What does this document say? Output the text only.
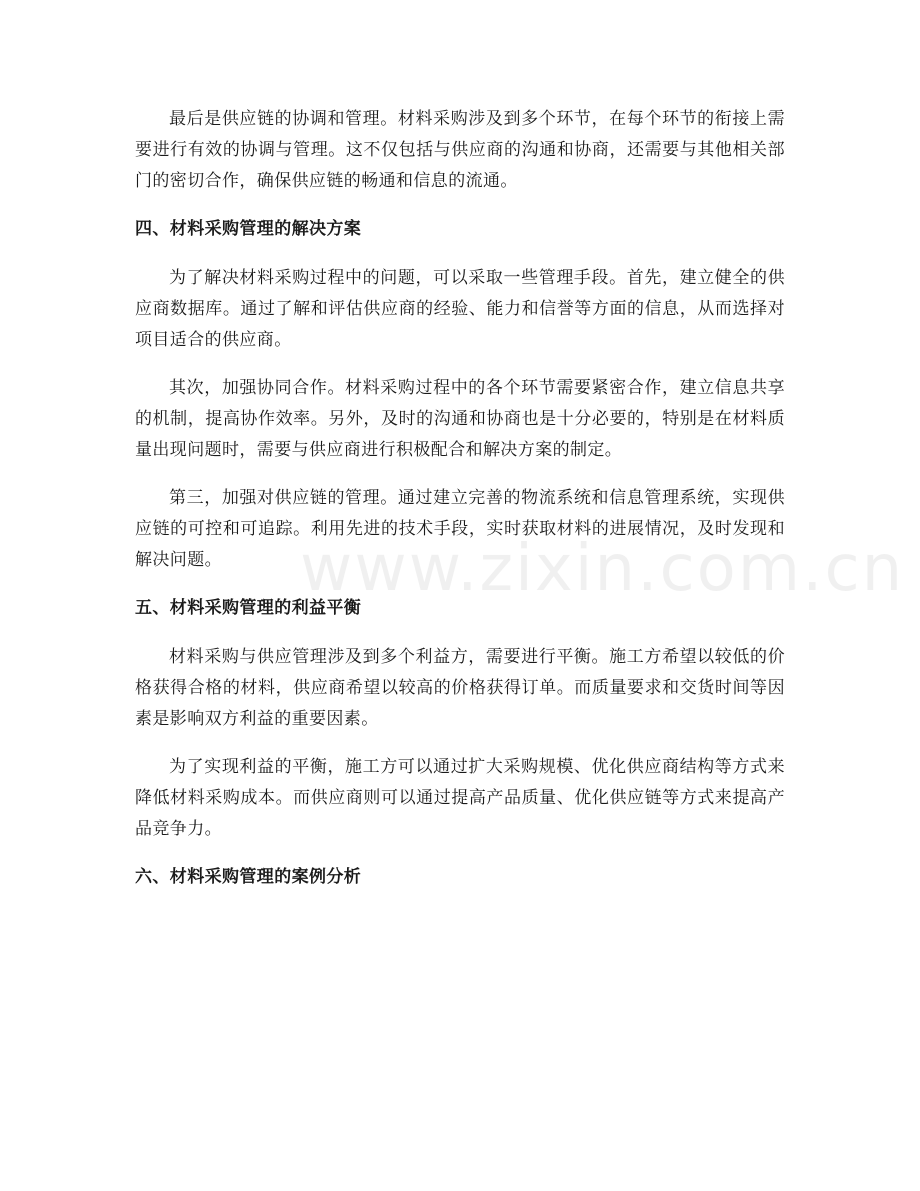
www.zixin.com.cn

最后是供应链的协调和管理。材料采购涉及到多个环节，在每个环节的衔接上需要进行有效的协调与管理。这不仅包括与供应商的沟通和协商，还需要与其他相关部门的密切合作，确保供应链的畅通和信息的流通。

四、材料采购管理的解决方案

为了解决材料采购过程中的问题，可以采取一些管理手段。首先，建立健全的供应商数据库。通过了解和评估供应商的经验、能力和信誉等方面的信息，从而选择对项目适合的供应商。

其次，加强协同合作。材料采购过程中的各个环节需要紧密合作，建立信息共享的机制，提高协作效率。另外，及时的沟通和协商也是十分必要的，特别是在材料质量出现问题时，需要与供应商进行积极配合和解决方案的制定。

第三，加强对供应链的管理。通过建立完善的物流系统和信息管理系统，实现供应链的可控和可追踪。利用先进的技术手段，实时获取材料的进展情况，及时发现和解决问题。

五、材料采购管理的利益平衡

材料采购与供应管理涉及到多个利益方，需要进行平衡。施工方希望以较低的价格获得合格的材料，供应商希望以较高的价格获得订单。而质量要求和交货时间等因素是影响双方利益的重要因素。

为了实现利益的平衡，施工方可以通过扩大采购规模、优化供应商结构等方式来降低材料采购成本。而供应商则可以通过提高产品质量、优化供应链等方式来提高产品竞争力。

六、材料采购管理的案例分析
